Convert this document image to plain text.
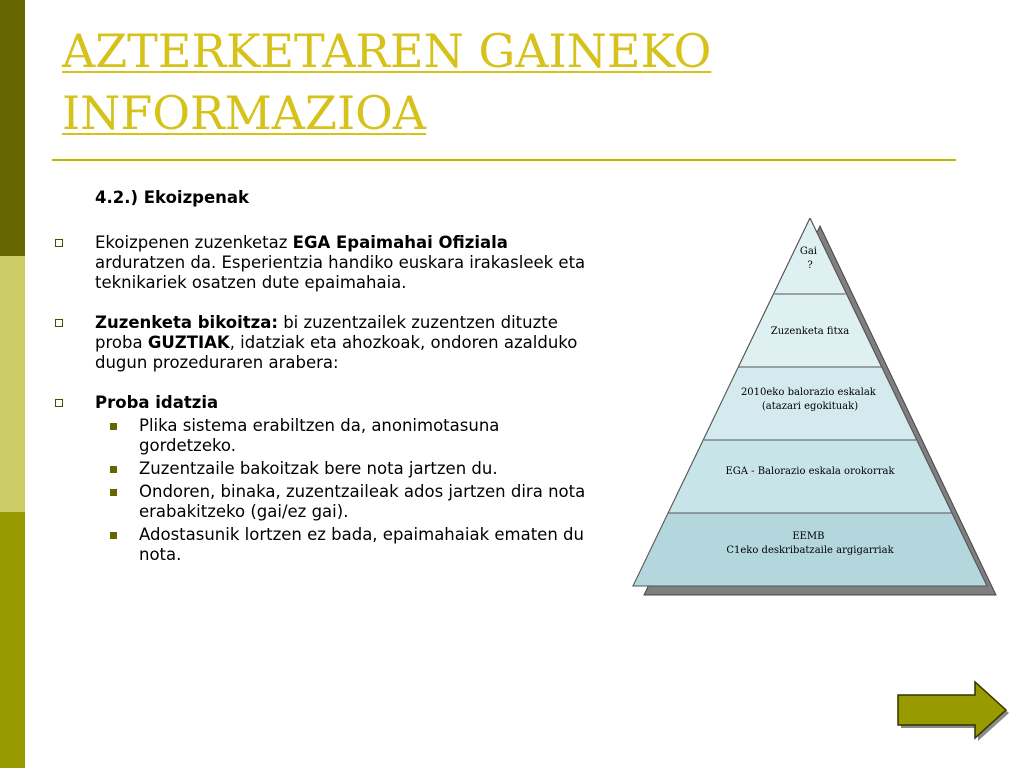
AZTERKETAREN GAINEKO
INFORMAZIOA
4.2.) Ekoizpenak
Ekoizpenen zuzenketaz EGA Epaimahai Ofiziala arduratzen da. Esperientzia handiko euskara irakasleek eta teknikariek osatzen dute epaimahaia.
Zuzenketa bikoitza: bi zuzentzailek zuzentzen dituzte proba GUZTIAK, idatziak eta ahozkoak, ondoren azalduko dugun prozeduraren arabera:
Proba idatzia
Plika sistema erabiltzen da, anonimotasuna gordetzeko.
Zuzentzaile bakoitzak bere nota jartzen du.
Ondoren, binaka, zuzentzaileak ados jartzen dira nota erabakitzeko (gai/ez gai).
Adostasunik lortzen ez bada, epaimahaiak ematen du nota.
Gai ?
Zuzenketa fitxa
2010eko balorazio eskalak (atazari egokituak)
EGA - Balorazio eskala orokorrak
EEMB C1eko deskribatzaile argigarriak
